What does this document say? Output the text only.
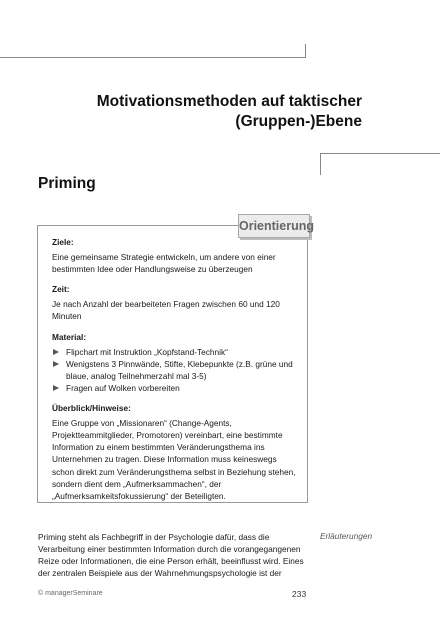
Motivationsmethoden auf taktischer
(Gruppen-)Ebene
Priming
Orientierung
Ziele:

Eine gemeinsame Strategie entwickeln, um andere von einer bestimmten Idee oder Handlungsweise zu überzeugen

Zeit:

Je nach Anzahl der bearbeiteten Fragen zwischen 60 und 120 Minuten

Material:
Flipchart mit Instruktion „Kopfstand-Technik“
Wenigstens 3 Pinnwände, Stifte, Klebepunkte (z.B. grüne und blaue, analog Teilnehmerzahl mal 3-5)
Fragen auf Wolken vorbereiten
Überblick/Hinweise:

Eine Gruppe von „Missionaren“ (Change-Agents, Projektteammitglieder, Promotoren) vereinbart, eine bestimmte Information zu einem bestimmten Veränderungsthema ins Unternehmen zu tragen. Diese Information muss keineswegs schon direkt zum Veränderungsthema selbst in Beziehung stehen, sondern dient dem „Aufmerksammachen“, der „Aufmerksamkeitsfokussierung“ der Beteiligten.

Priming steht als Fachbegriff in der Psychologie dafür, dass die Verarbeitung einer bestimmten Information durch die vorangegangenen Reize oder Informationen, die eine Person erhält, beeinflusst wird. Eines der zentralen Beispiele aus der Wahrnehmungspsychologie ist der
Erläuterungen
© managerSeminare	233
